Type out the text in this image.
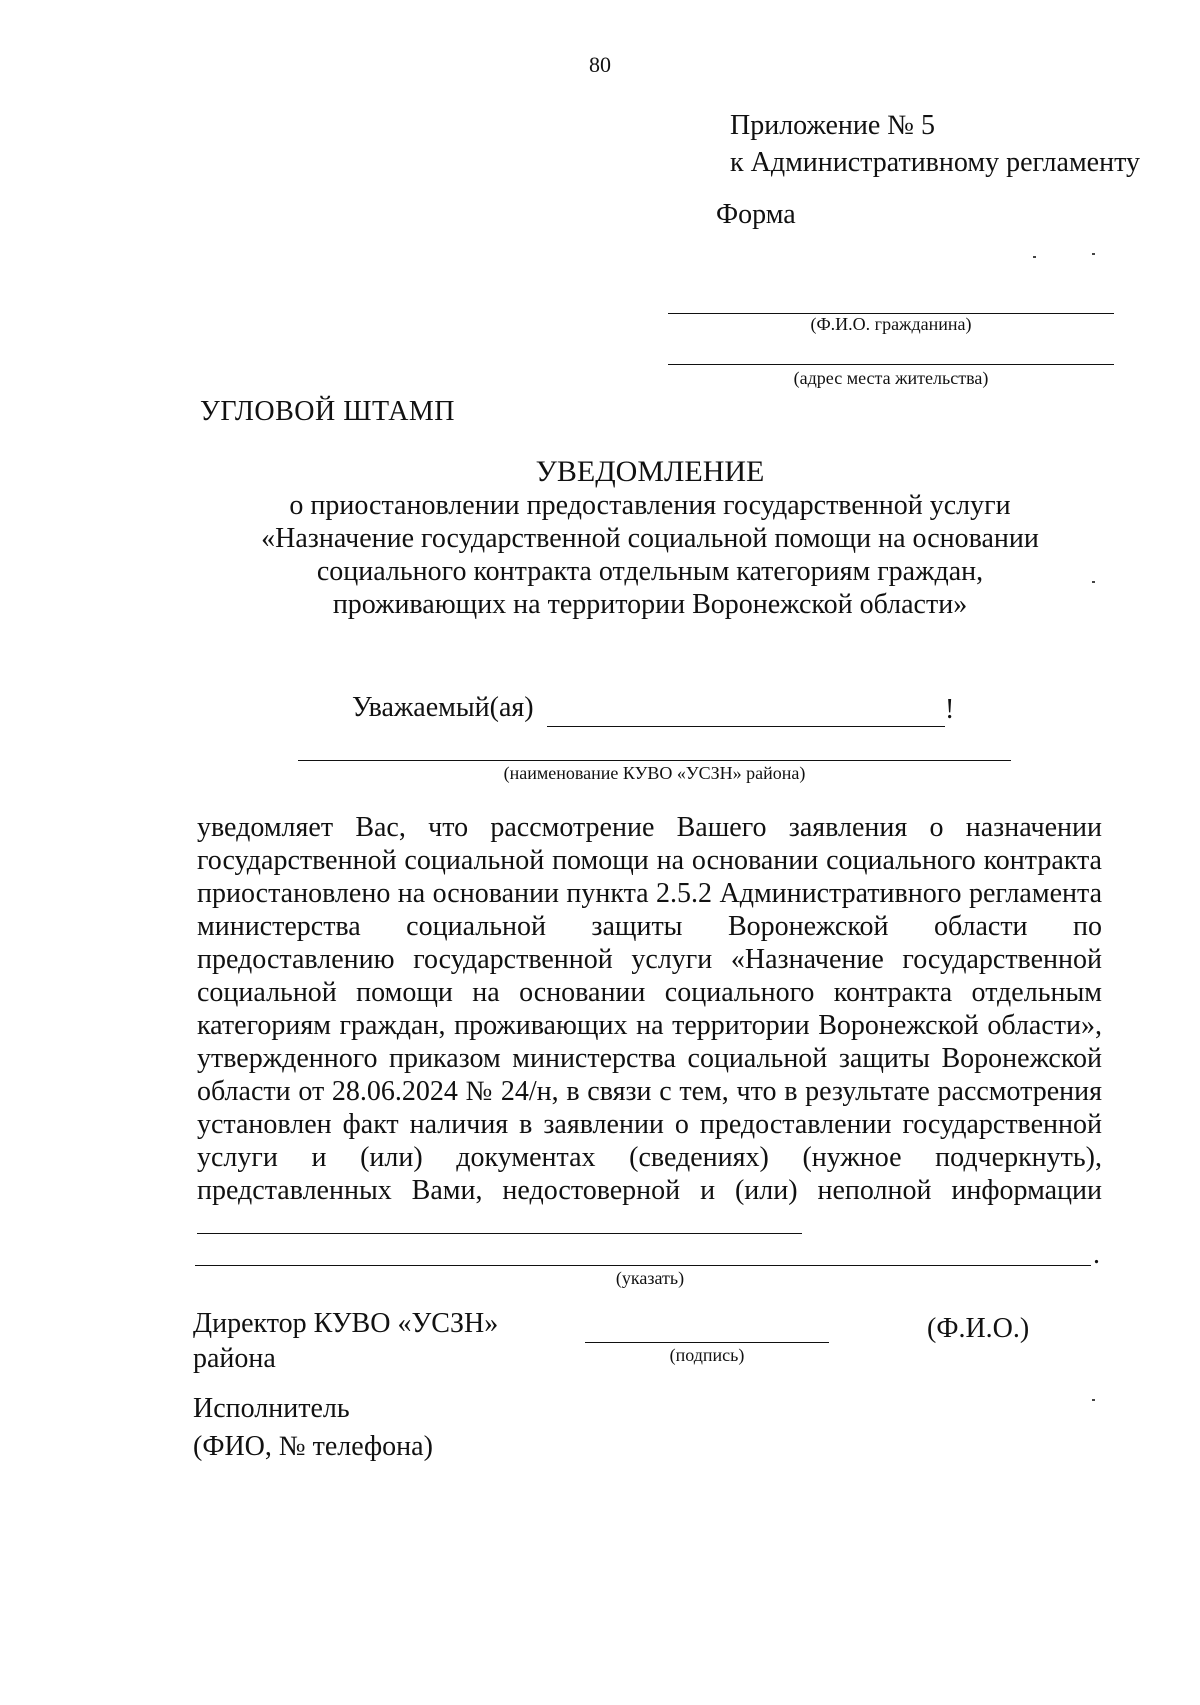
80
Приложение № 5
к Административному регламенту
Форма
(Ф.И.О. гражданина)
(адрес места жительства)
УГЛОВОЙ ШТАМП
УВЕДОМЛЕНИЕ
о приостановлении предоставления государственной услуги
«Назначение государственной социальной помощи на основании
социального контракта отдельным категориям граждан,
проживающих на территории Воронежской области»
Уважаемый(ая)	!
(наименование КУВО «УСЗН» района)
уведомляет Вас, что рассмотрение Вашего заявления о назначении государственной социальной помощи на основании социального контракта приостановлено на основании пункта 2.5.2 Административного регламента министерства социальной защиты Воронежской области по предоставлению государственной услуги «Назначение государственной социальной помощи на основании социального контракта отдельным категориям граждан, проживающих на территории Воронежской области», утвержденного приказом министерства социальной защиты Воронежской области от 28.06.2024 № 24/н, в связи с тем, что в результате рассмотрения установлен факт наличия в заявлении о предоставлении государственной услуги и (или) документах (сведениях) (нужное подчеркнуть), представленных Вами, недостоверной и (или) неполной информации
.
(указать)
Директор КУВО «УСЗН»
района	(подпись)
(Ф.И.О.)
Исполнитель
(ФИО, № телефона)
